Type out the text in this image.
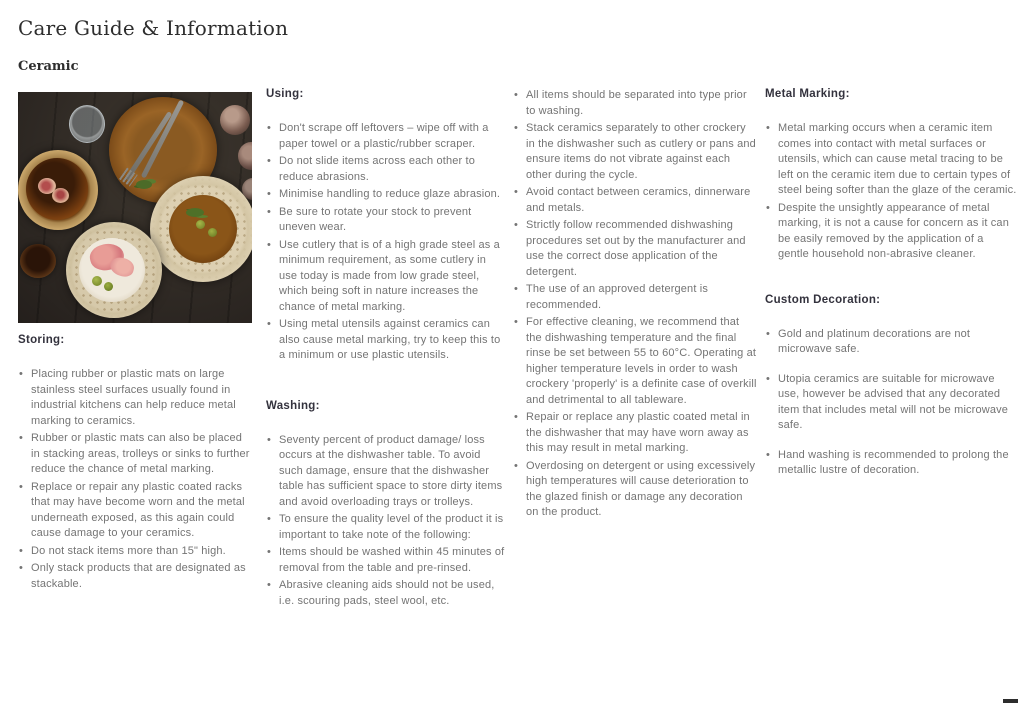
Care Guide & Information
Ceramic
Storing:
• Placing rubber or plastic mats on large stainless steel surfaces usually found in industrial kitchens can help reduce metal marking to ceramics.
• Rubber or plastic mats can also be placed in stacking areas, trolleys or sinks to further reduce the chance of metal marking.
• Replace or repair any plastic coated racks that may have become worn and the metal underneath exposed, as this again could cause damage to your ceramics.
• Do not stack items more than 15" high.
• Only stack products that are designated as stackable.
Using:
• Don't scrape off leftovers – wipe off with a paper towel or a plastic/rubber scraper.
• Do not slide items across each other to reduce abrasions.
• Minimise handling to reduce glaze abrasion.
• Be sure to rotate your stock to prevent uneven wear.
• Use cutlery that is of a high grade steel as a minimum requirement, as some cutlery in use today is made from low grade steel, which being soft in nature increases the chance of metal marking.
• Using metal utensils against ceramics can also cause metal marking, try to keep this to a minimum or use plastic utensils.
Washing:
• Seventy percent of product damage/ loss occurs at the dishwasher table. To avoid such damage, ensure that the dishwasher table has sufficient space to store dirty items and avoid overloading trays or trolleys.
• To ensure the quality level of the product it is important to take note of the following:
• Items should be washed within 45 minutes of removal from the table and pre-rinsed.
• Abrasive cleaning aids should not be used, i.e. scouring pads, steel wool, etc.
• All items should be separated into type prior to washing.
• Stack ceramics separately to other crockery in the dishwasher such as cutlery or pans and ensure items do not vibrate against each other during the cycle.
• Avoid contact between ceramics, dinnerware and metals.
• Strictly follow recommended dishwashing procedures set out by the manufacturer and use the correct dose application of the detergent.
• The use of an approved detergent is recommended.
• For effective cleaning, we recommend that the dishwashing temperature and the final rinse be set between 55 to 60°C. Operating at higher temperature levels in order to wash crockery 'properly' is a definite case of overkill and detrimental to all tableware.
• Repair or replace any plastic coated metal in the dishwasher that may have worn away as this may result in metal marking.
• Overdosing on detergent or using excessively high temperatures will cause deterioration to the glazed finish or damage any decoration on the product.
Metal Marking:
• Metal marking occurs when a ceramic item comes into contact with metal surfaces or utensils, which can cause metal tracing to be left on the ceramic item due to certain types of steel being softer than the glaze of the ceramic.
• Despite the unsightly appearance of metal marking, it is not a cause for concern as it can be easily removed by the application of a gentle household non-abrasive cleaner.
Custom Decoration:
• Gold and platinum decorations are not microwave safe.
• Utopia ceramics are suitable for microwave use, however be advised that any decorated item that includes metal will not be microwave safe.
• Hand washing is recommended to prolong the metallic lustre of decoration.
